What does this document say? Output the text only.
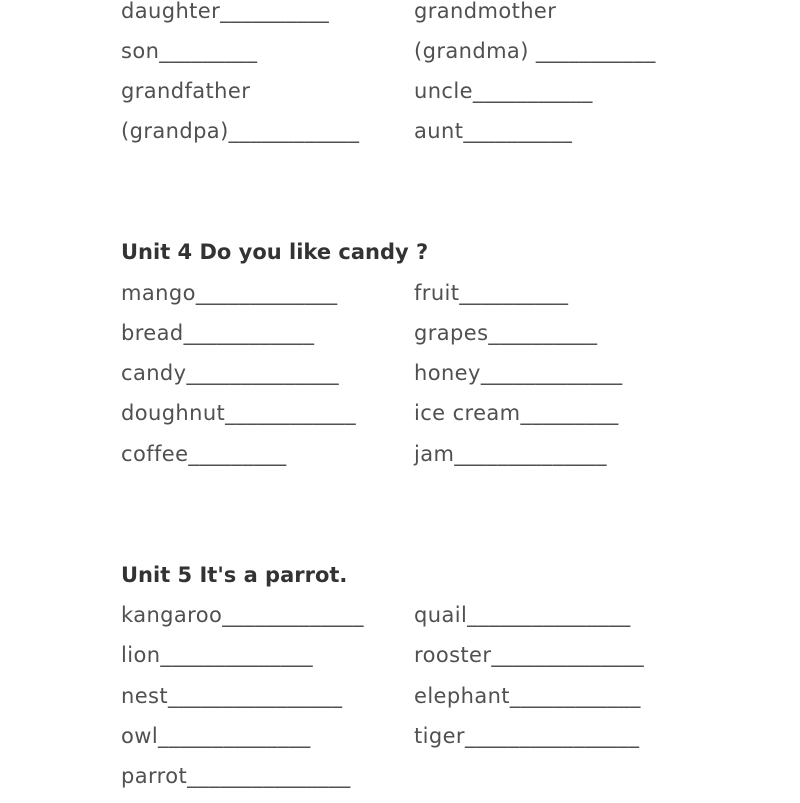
daughter__________
son_________
grandfather
(grandpa)____________
grandmother
(grandma) ___________
uncle___________
aunt__________
Unit 4 Do you like candy ?
mango_____________
bread____________
candy______________
doughnut____________
coffee_________
fruit__________
grapes__________
honey_____________
ice cream_________
jam______________
Unit 5 It's a parrot.
kangaroo_____________
lion______________
nest________________
owl______________
parrot_______________
quail_______________
rooster______________
elephant____________
tiger________________
